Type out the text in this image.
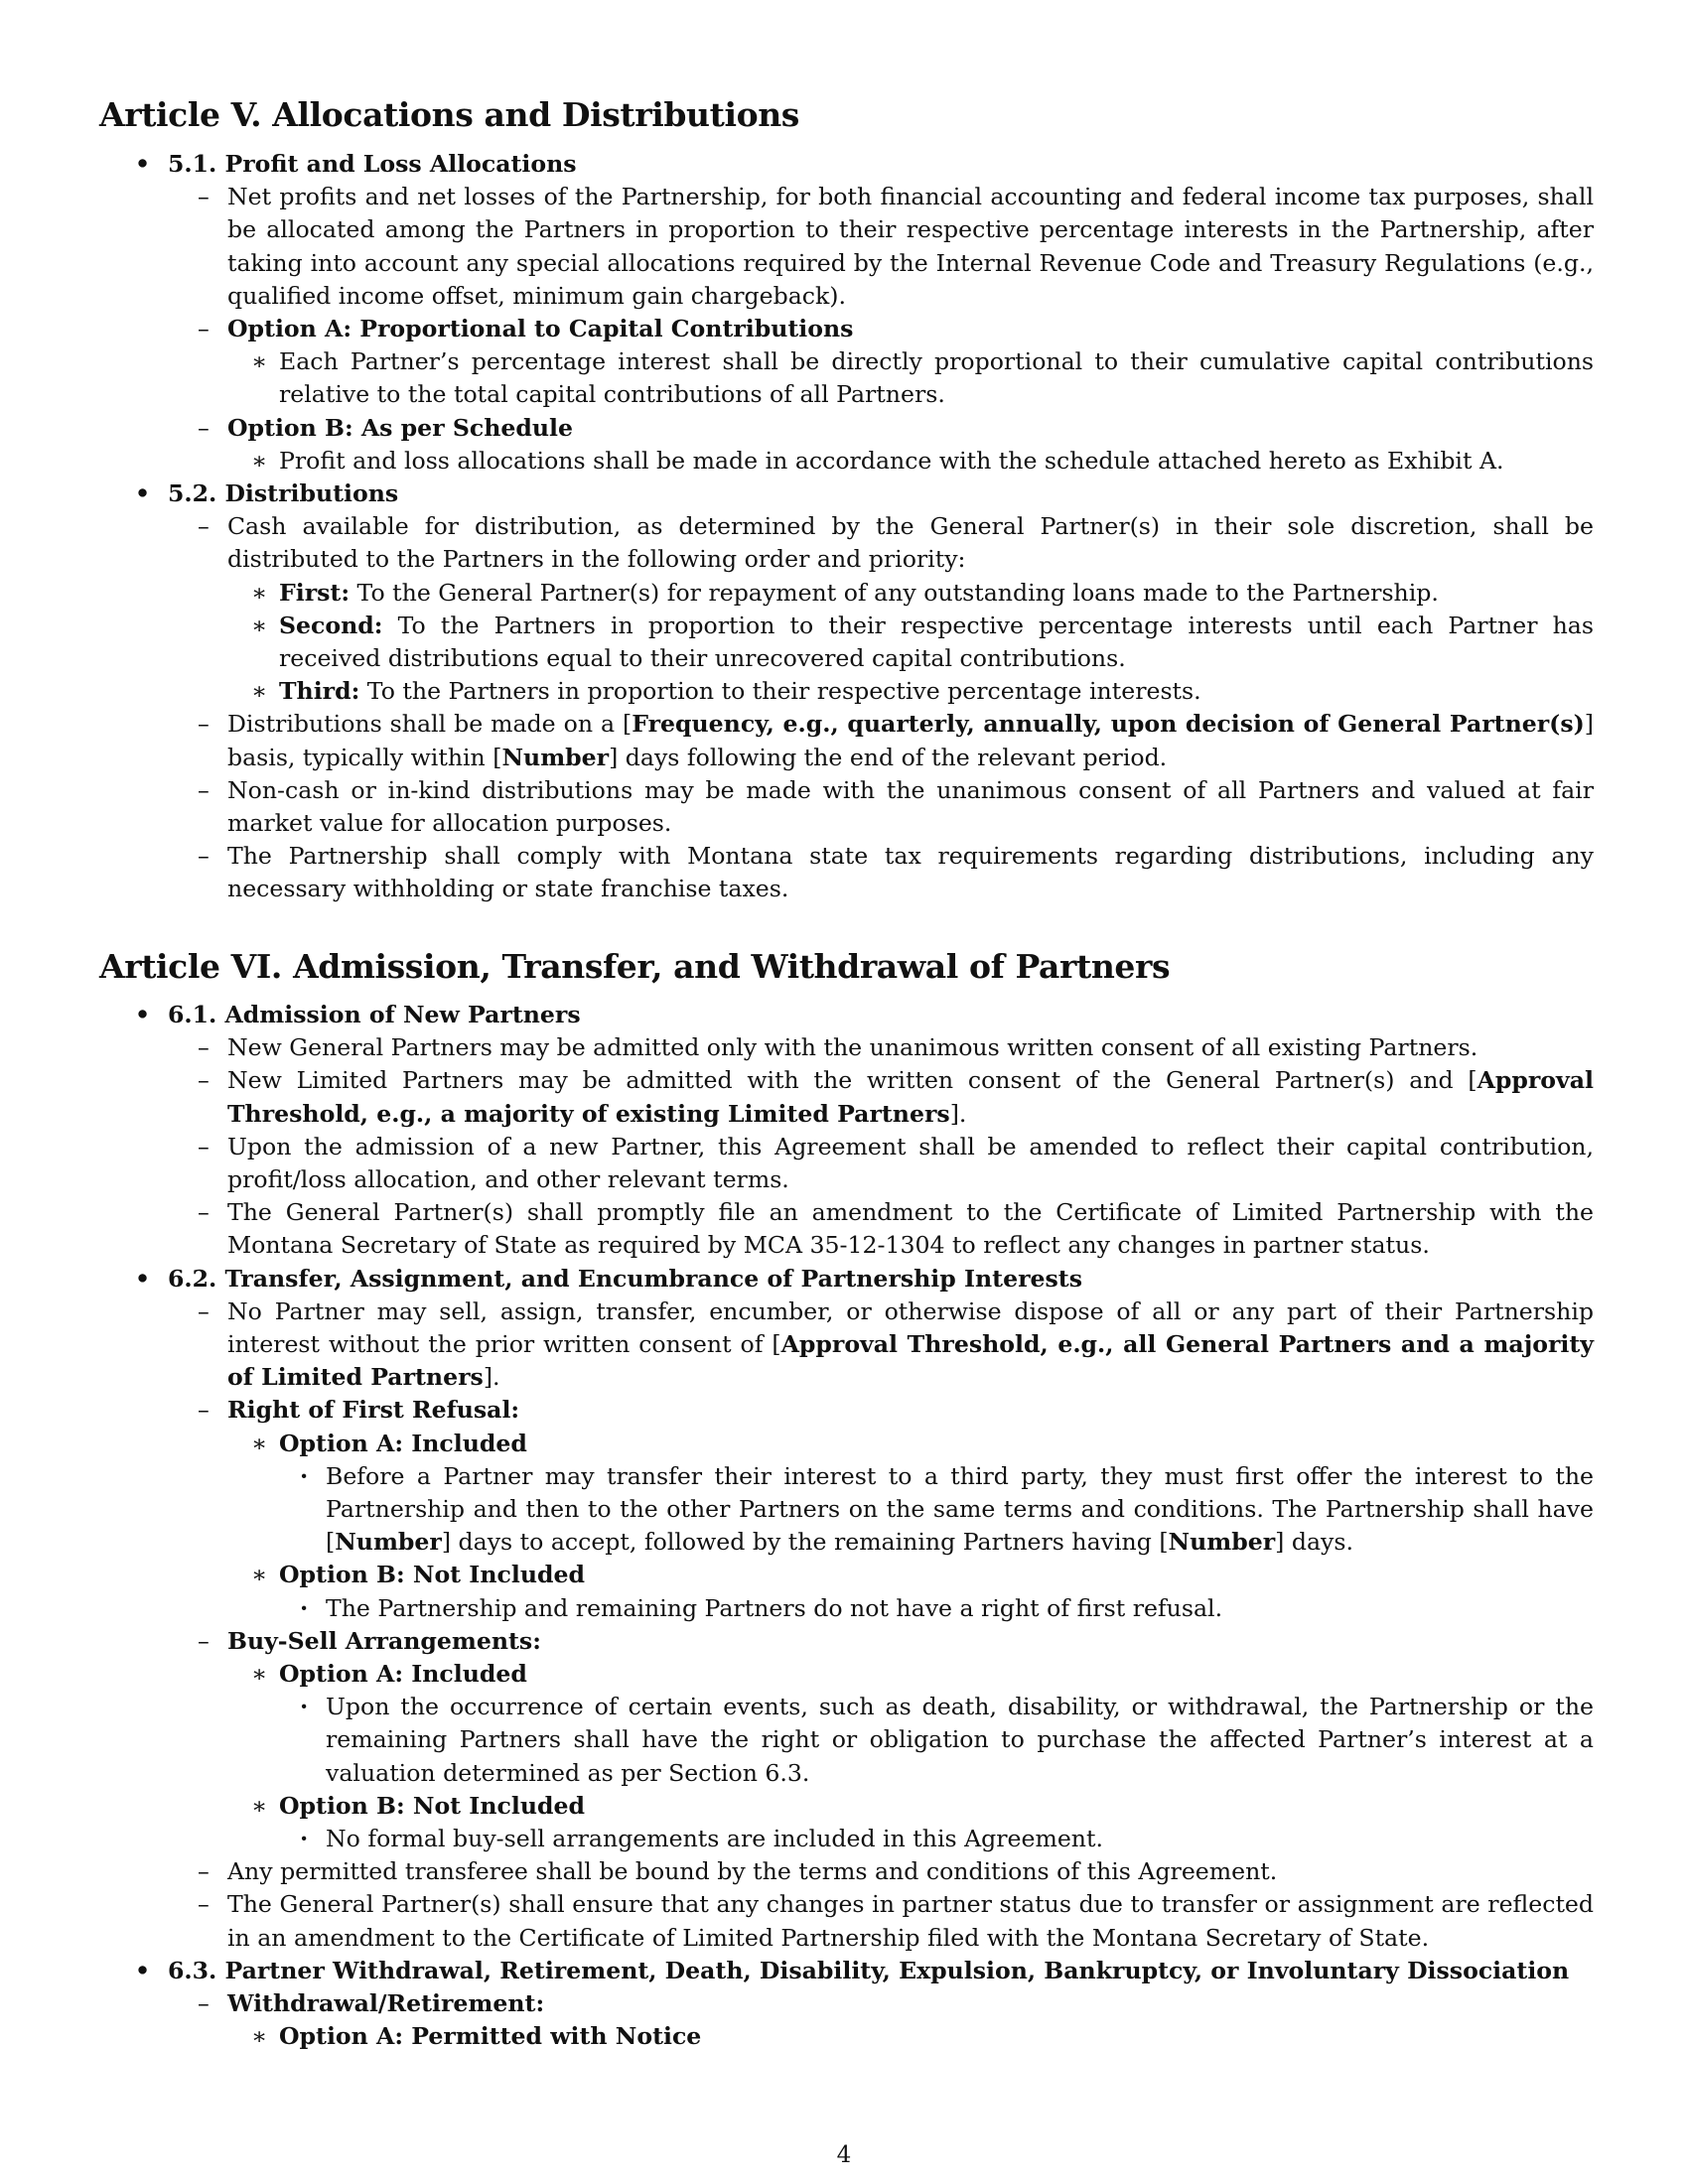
Article V. Allocations and Distributions
• 5.1. Profit and Loss Allocations
– Net profits and net losses of the Partnership, for both financial accounting and federal income tax purposes, shall be allocated among the Partners in proportion to their respective percentage interests in the Partnership, after taking into account any special allocations required by the Internal Revenue Code and Treasury Regulations (e.g., qualified income offset, minimum gain chargeback).
– Option A: Proportional to Capital Contributions
∗ Each Partner’s percentage interest shall be directly proportional to their cumulative capital contributions relative to the total capital contributions of all Partners.
– Option B: As per Schedule
∗ Profit and loss allocations shall be made in accordance with the schedule attached hereto as Exhibit A.
• 5.2. Distributions
– Cash available for distribution, as determined by the General Partner(s) in their sole discretion, shall be distributed to the Partners in the following order and priority:
∗ First: To the General Partner(s) for repayment of any outstanding loans made to the Partnership.
∗ Second: To the Partners in proportion to their respective percentage interests until each Partner has received distributions equal to their unrecovered capital contributions.
∗ Third: To the Partners in proportion to their respective percentage interests.
– Distributions shall be made on a [Frequency, e.g., quarterly, annually, upon decision of General Partner(s)] basis, typically within [Number] days following the end of the relevant period.
– Non-cash or in-kind distributions may be made with the unanimous consent of all Partners and valued at fair market value for allocation purposes.
– The Partnership shall comply with Montana state tax requirements regarding distributions, including any necessary withholding or state franchise taxes.
Article VI. Admission, Transfer, and Withdrawal of Partners
• 6.1. Admission of New Partners
– New General Partners may be admitted only with the unanimous written consent of all existing Partners.
– New Limited Partners may be admitted with the written consent of the General Partner(s) and [Approval Threshold, e.g., a majority of existing Limited Partners].
– Upon the admission of a new Partner, this Agreement shall be amended to reflect their capital contribution, profit/loss allocation, and other relevant terms.
– The General Partner(s) shall promptly file an amendment to the Certificate of Limited Partnership with the Montana Secretary of State as required by MCA 35-12-1304 to reflect any changes in partner status.
• 6.2. Transfer, Assignment, and Encumbrance of Partnership Interests
– No Partner may sell, assign, transfer, encumber, or otherwise dispose of all or any part of their Partnership interest without the prior written consent of [Approval Threshold, e.g., all General Partners and a majority of Limited Partners].
– Right of First Refusal:
∗ Option A: Included
· Before a Partner may transfer their interest to a third party, they must first offer the interest to the Partnership and then to the other Partners on the same terms and conditions. The Partnership shall have [Number] days to accept, followed by the remaining Partners having [Number] days.
∗ Option B: Not Included
· The Partnership and remaining Partners do not have a right of first refusal.
– Buy-Sell Arrangements:
∗ Option A: Included
· Upon the occurrence of certain events, such as death, disability, or withdrawal, the Partnership or the remaining Partners shall have the right or obligation to purchase the affected Partner’s interest at a valuation determined as per Section 6.3.
∗ Option B: Not Included
· No formal buy-sell arrangements are included in this Agreement.
– Any permitted transferee shall be bound by the terms and conditions of this Agreement.
– The General Partner(s) shall ensure that any changes in partner status due to transfer or assignment are reflected in an amendment to the Certificate of Limited Partnership filed with the Montana Secretary of State.
• 6.3. Partner Withdrawal, Retirement, Death, Disability, Expulsion, Bankruptcy, or Involuntary Dissociation
– Withdrawal/Retirement:
∗ Option A: Permitted with Notice
4
